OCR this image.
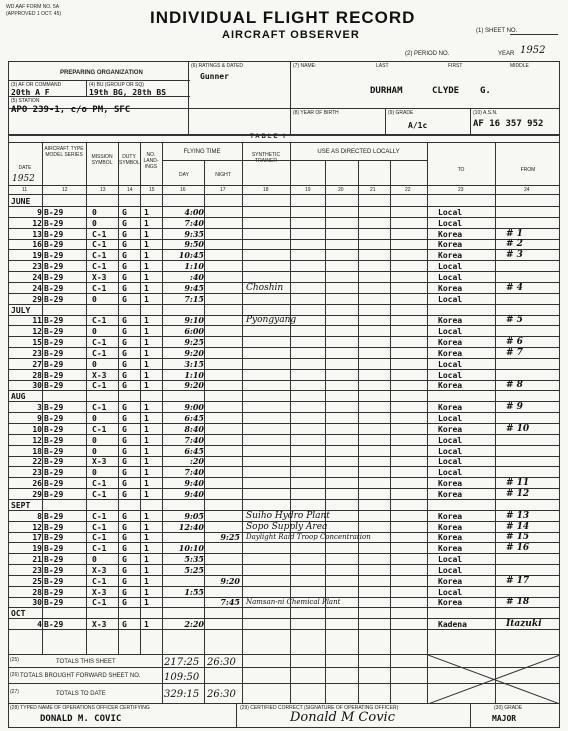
WD AAF FORM NO. 5A
(APPROVED 1 OCT. 45)	INDIVIDUAL FLIGHT RECORD
AIRCRAFT OBSERVER	(1) SHEET NO.
(2) PERIOD NO.	YEAR 1952
PREPARING ORGANIZATION
(3) AF OR COMMAND
20th A F
(4) BU (GROUP OR SQ)
19th BG, 28th BS
(5) STATION
APO 239-1, c/o PM, SFC
(6) RATINGS & DATED
Gunner
(7) NAME:	LAST	FIRST	MIDDLE
DURHAM	CLYDE G.
(8) YEAR OF BIRTH	(9) GRADE
A/1c
(10) A.S.N.
AF 16 357 952
TABLE I
DATE
1952
AIRCRAFT TYPE MODEL SERIES	MISSION SYMBOL
DUTY SYMBOL
NO. LAND- INGS
FLYING TIME
DAY	NIGHT
SYNTHETIC TRAINER
USE AS DIRECTED LOCALLY
TO	FROM
11	12	13	14	15	16	17	18	19	20	21	22	23	24
JUNE
9 B-29	0	G 1	4:00	Local
12 B-29	0	G 1	7:40	Local
13 B-29	C-1 G 1	9:35	Korea	# 1
16 B-29	C-1 G 1	9:50	Korea	# 2
19 B-29	C-1 G 1	10:45	Korea	# 3
23 B-29	C-1 G 1	1:10	Local
24 B-29	X-3 G 1	:40	Local
24 B-29	C-1 G 1	9:45	Choshin	Korea	# 4
29 B-29	0	G 1	7:15	Local
JULY
11 B-29	C-1 G 1	9:10	Pyongyang	Korea	# 5
12 B-29	0	G 1	6:00	Local
15 B-29	C-1 G 1	9:25	Korea	# 6
23 B-29	C-1 G 1	9:20	Korea	# 7
27 B-29	0	G 1	3:15	Local
28 B-29	X-3 G 1	1:10	Local
30 B-29	C-1 G 1	9:20	Korea	# 8
AUG
3 B-29	C-1 G 1	9:00	Korea	# 9
9 B-29	0	G 1	6:45	Local
10 B-29	C-1 G 1	8:40	Korea	# 10
12 B-29	0	G 1	7:40	Local
18 B-29	0	G 1	6:45	Local
22 B-29	X-3 G 1	:20	Local
23 B-29	0	G 1	7:40	Local
26 B-29	C-1 G 1	9:40	Korea	# 11
29 B-29	C-1 G 1	9:40	Korea	# 12
SEPT
8 B-29	C-1 G 1	9:05	Suiho Hydro Plant	Korea	# 13
12 B-29	C-1 G 1	12:40	Sopo Supply Area	Korea	# 14
17 B-29	C-1 G 1	9:25 Daylight Raid Troop Concentration	Korea	# 15
19 B-29	C-1 G 1	10:10	Korea	# 16
21 B-29	0	G 1	5:35	Local
23 B-29	X-3 G 1	5:25	Local
25 B-29	C-1 G 1	9:20	Korea	# 17
28 B-29	X-3 G 1	1:55	Local
30 B-29	C-1 G 1	7:45 Namsan-ni Chemical Plant	Korea	# 18
OCT
4 B-29	X-3 G 1	2:20	Kadena	Itazuki
(25)
(26)
(27)
TOTALS THIS SHEET	217:25 26:30
TOTALS BROUGHT FORWARD SHEET NO. 109:50
TOTALS TO DATE	329:15 26:30
(28) TYPED NAME OF OPERATIONS OFFICER CERTIFYING
DONALD M. COVIC
(29) CERTIFIED CORRECT (SIGNATURE OF OPERATING OFFICER)
Donald M Covic
(30) GRADE
MAJOR
